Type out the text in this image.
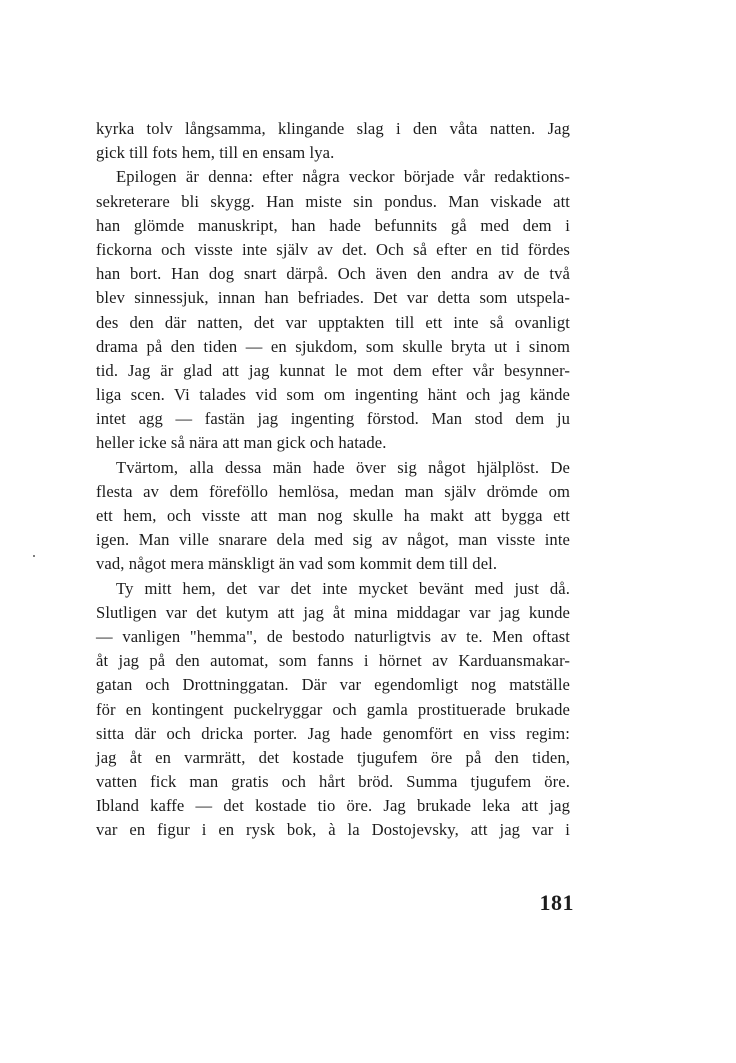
kyrka tolv långsamma, klingande slag i den våta natten. Jag
gick till fots hem, till en ensam lya.
Epilogen är denna: efter några veckor började vår redaktions-
sekreterare bli skygg. Han miste sin pondus. Man viskade att
han glömde manuskript, han hade befunnits gå med dem i
fickorna och visste inte själv av det. Och så efter en tid fördes
han bort. Han dog snart därpå. Och även den andra av de två
blev sinnessjuk, innan han befriades. Det var detta som utspela-
des den där natten, det var upptakten till ett inte så ovanligt
drama på den tiden — en sjukdom, som skulle bryta ut i sinom
tid. Jag är glad att jag kunnat le mot dem efter vår besynner-
liga scen. Vi talades vid som om ingenting hänt och jag kände
intet agg — fastän jag ingenting förstod. Man stod dem ju
heller icke så nära att man gick och hatade.
Tvärtom, alla dessa män hade över sig något hjälplöst. De
flesta av dem föreföllo hemlösa, medan man själv drömde om
ett hem, och visste att man nog skulle ha makt att bygga ett
igen. Man ville snarare dela med sig av något, man visste inte
vad, något mera mänskligt än vad som kommit dem till del.
Ty mitt hem, det var det inte mycket bevänt med just då.
Slutligen var det kutym att jag åt mina middagar var jag kunde
— vanligen "hemma", de bestodo naturligtvis av te. Men oftast
åt jag på den automat, som fanns i hörnet av Karduansmakar-
gatan och Drottninggatan. Där var egendomligt nog matställe
för en kontingent puckelryggar och gamla prostituerade brukade
sitta där och dricka porter. Jag hade genomfört en viss regim:
jag åt en varmrätt, det kostade tjugufem öre på den tiden,
vatten fick man gratis och hårt bröd. Summa tjugufem öre.
Ibland kaffe — det kostade tio öre. Jag brukade leka att jag
var en figur i en rysk bok, à la Dostojevsky, att jag var i
181
